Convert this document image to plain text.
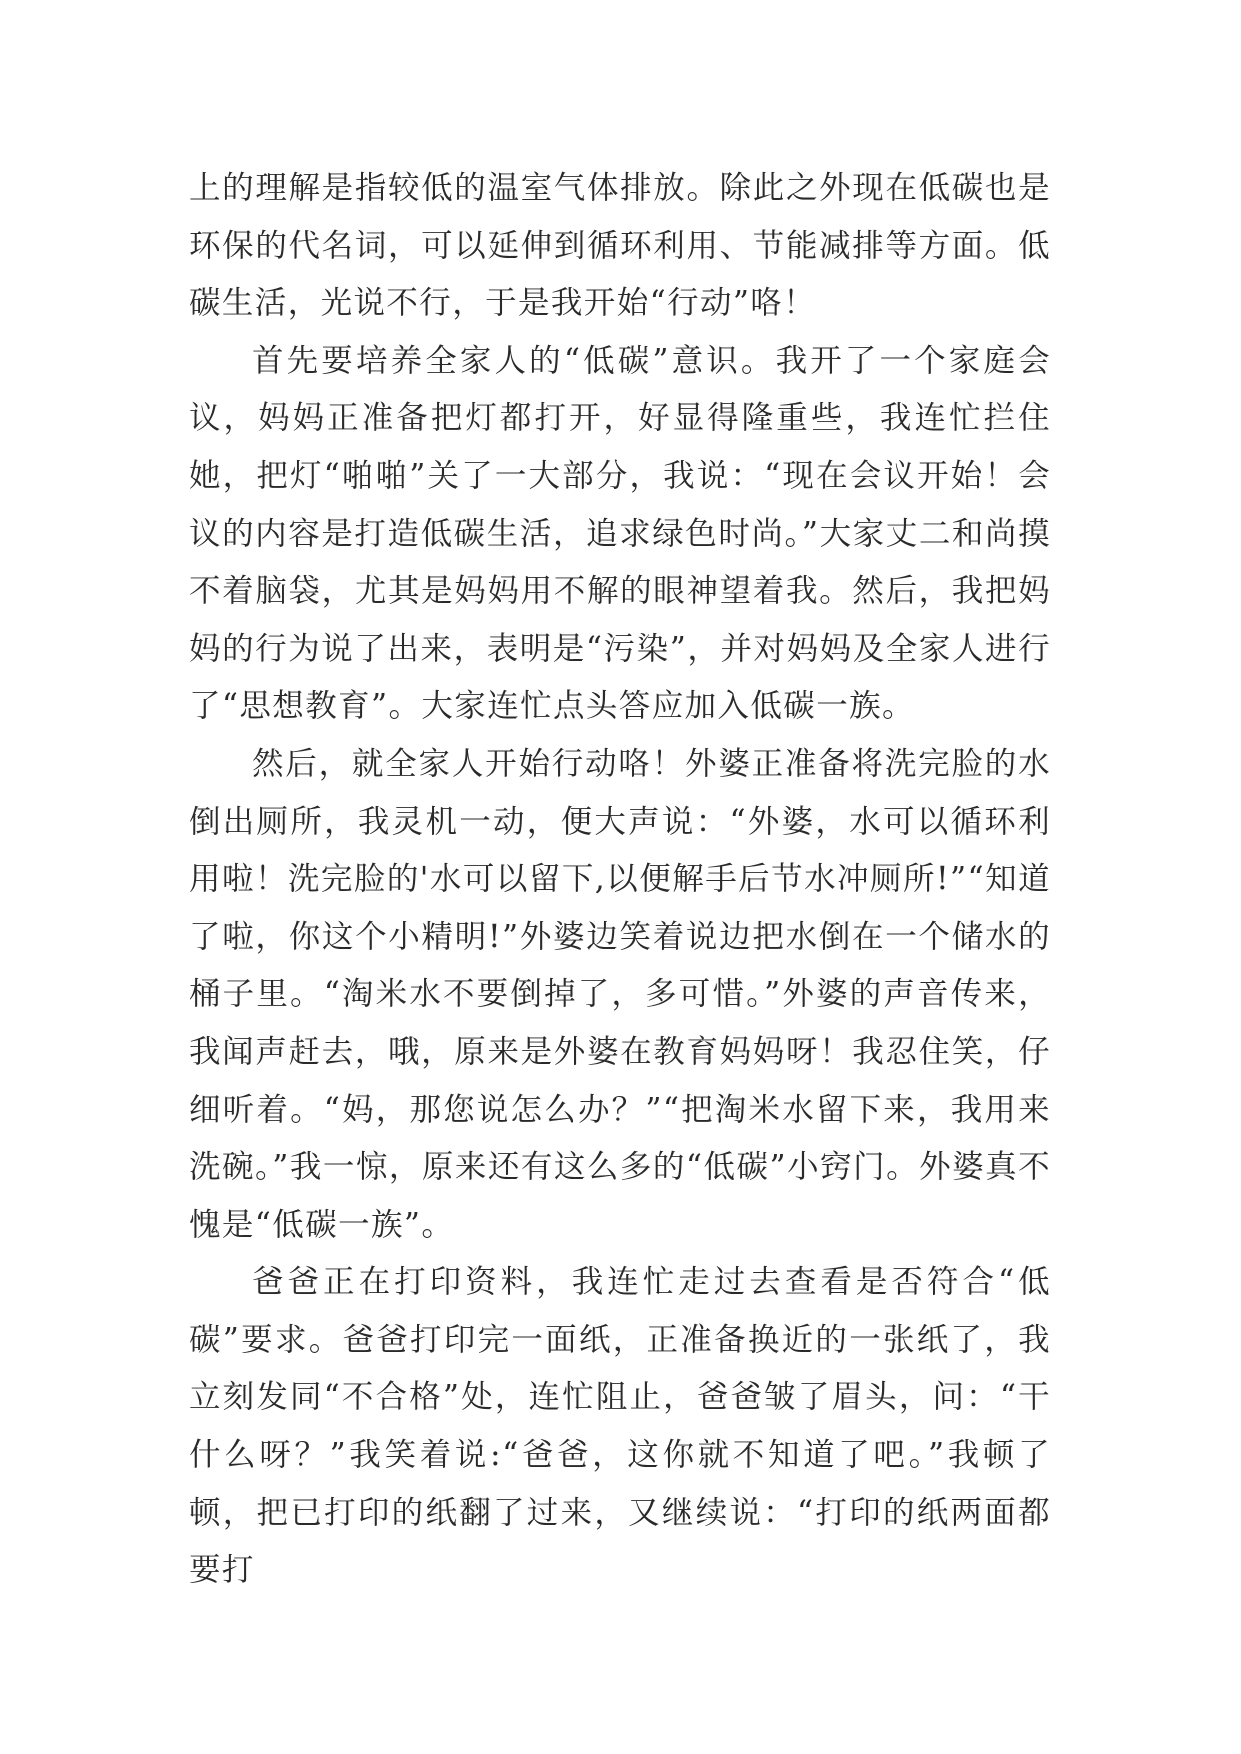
上的理解是指较低的温室气体排放。除此之外现在低碳也是环保的代名词，可以延伸到循环利用、节能减排等方面。低碳生活，光说不行，于是我开始“行动”咯！

首先要培养全家人的“低碳”意识。我开了一个家庭会议，妈妈正准备把灯都打开，好显得隆重些，我连忙拦住她，把灯“啪啪”关了一大部分，我说：“现在会议开始！会议的内容是打造低碳生活，追求绿色时尚。”大家丈二和尚摸不着脑袋，尤其是妈妈用不解的眼神望着我。然后，我把妈妈的行为说了出来，表明是“污染”，并对妈妈及全家人进行了“思想教育”。大家连忙点头答应加入低碳一族。

然后，就全家人开始行动咯！外婆正准备将洗完脸的水倒出厕所，我灵机一动，便大声说：“外婆，水可以循环利用啦！洗完脸的'水可以留下,以便解手后节水冲厕所!”“知道了啦，你这个小精明!”外婆边笑着说边把水倒在一个储水的桶子里。“淘米水不要倒掉了，多可惜。”外婆的声音传来，我闻声赶去，哦，原来是外婆在教育妈妈呀！我忍住笑，仔细听着。“妈，那您说怎么办？”“把淘米水留下来，我用来洗碗。”我一惊，原来还有这么多的“低碳”小窍门。外婆真不愧是“低碳一族”。

爸爸正在打印资料，我连忙走过去查看是否符合“低碳”要求。爸爸打印完一面纸，正准备换近的一张纸了，我立刻发同“不合格”处，连忙阻止，爸爸皱了眉头，问：“干什么呀？”我笑着说:“爸爸，这你就不知道了吧。”我顿了顿，把已打印的纸翻了过来，又继续说：“打印的纸两面都要打
